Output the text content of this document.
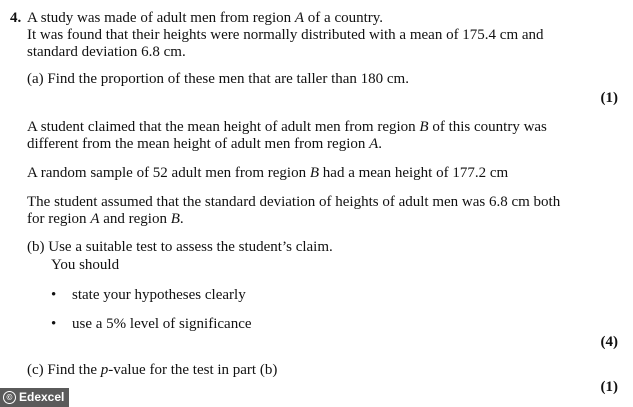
4. A study was made of adult men from region A of a country.
It was found that their heights were normally distributed with a mean of 175.4 cm and
standard deviation 6.8 cm.
(a) Find the proportion of these men that are taller than 180 cm.
(1)
A student claimed that the mean height of adult men from region B of this country was
different from the mean height of adult men from region A.
A random sample of 52 adult men from region B had a mean height of 177.2 cm
The student assumed that the standard deviation of heights of adult men was 6.8 cm both
for region A and region B.
(b) Use a suitable test to assess the student’s claim.
You should
• state your hypotheses clearly
• use a 5% level of significance
(4)
(c) Find the p-value for the test in part (b)
(1)
© Edexcel
